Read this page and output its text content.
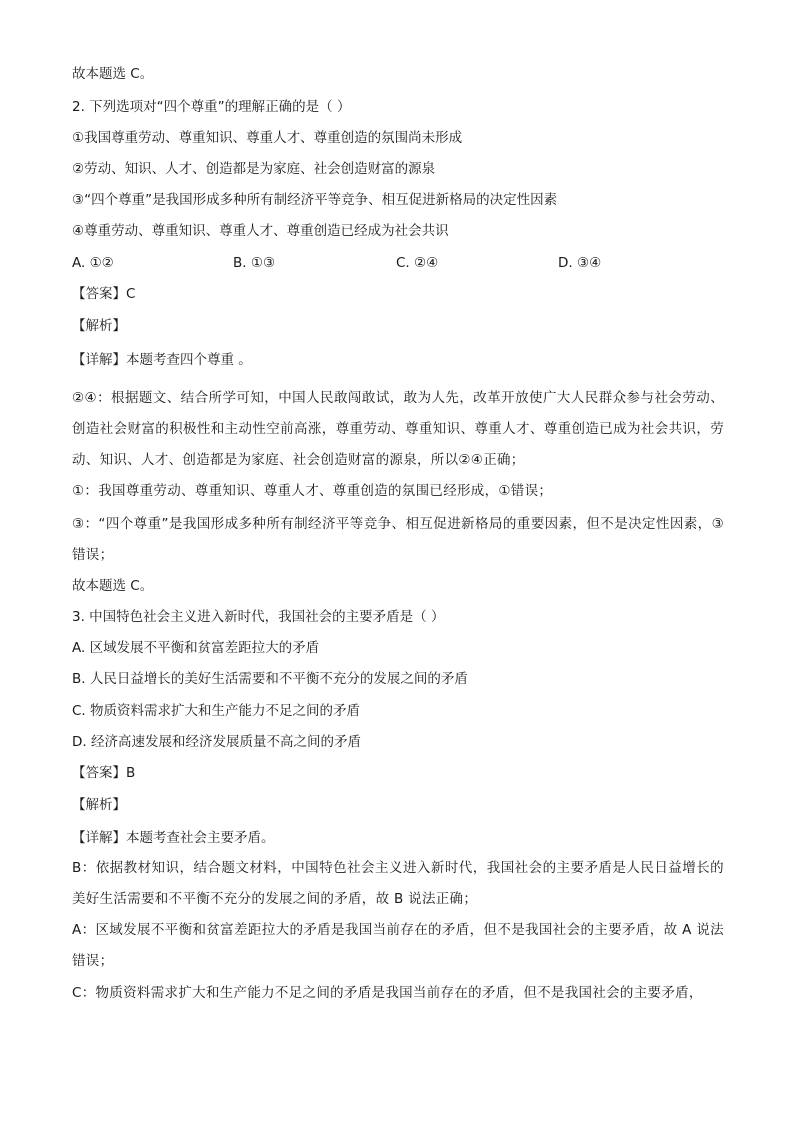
故本题选 C。
2. 下列选项对“四个尊重”的理解正确的是（ ）
①我国尊重劳动、尊重知识、尊重人才、尊重创造的氛围尚未形成
②劳动、知识、人才、创造都是为家庭、社会创造财富的源泉
③“四个尊重”是我国形成多种所有制经济平等竞争、相互促进新格局的决定性因素
④尊重劳动、尊重知识、尊重人才、尊重创造已经成为社会共识
A. ①②	B. ①③	C. ②④	D. ③④
【答案】C
【解析】
【详解】本题考查四个尊重 。
②④：根据题文、结合所学可知，中国人民敢闯敢试，敢为人先，改革开放使广大人民群众参与社会劳动、创造社会财富的积极性和主动性空前高涨，尊重劳动、尊重知识、尊重人才、尊重创造已成为社会共识，劳动、知识、人才、创造都是为家庭、社会创造财富的源泉，所以②④正确；
①：我国尊重劳动、尊重知识、尊重人才、尊重创造的氛围已经形成，①错误；
③：“四个尊重”是我国形成多种所有制经济平等竞争、相互促进新格局的重要因素，但不是决定性因素，③错误；
故本题选 C。
3. 中国特色社会主义进入新时代，我国社会的主要矛盾是（ ）
A. 区域发展不平衡和贫富差距拉大的矛盾
B. 人民日益增长的美好生活需要和不平衡不充分的发展之间的矛盾
C. 物质资料需求扩大和生产能力不足之间的矛盾
D. 经济高速发展和经济发展质量不高之间的矛盾
【答案】B
【解析】
【详解】本题考查社会主要矛盾。
B：依据教材知识，结合题文材料，中国特色社会主义进入新时代，我国社会的主要矛盾是人民日益增长的美好生活需要和不平衡不充分的发展之间的矛盾，故 B 说法正确；
A：区域发展不平衡和贫富差距拉大的矛盾是我国当前存在的矛盾，但不是我国社会的主要矛盾，故 A 说法错误；
C：物质资料需求扩大和生产能力不足之间的矛盾是我国当前存在的矛盾，但不是我国社会的主要矛盾，
